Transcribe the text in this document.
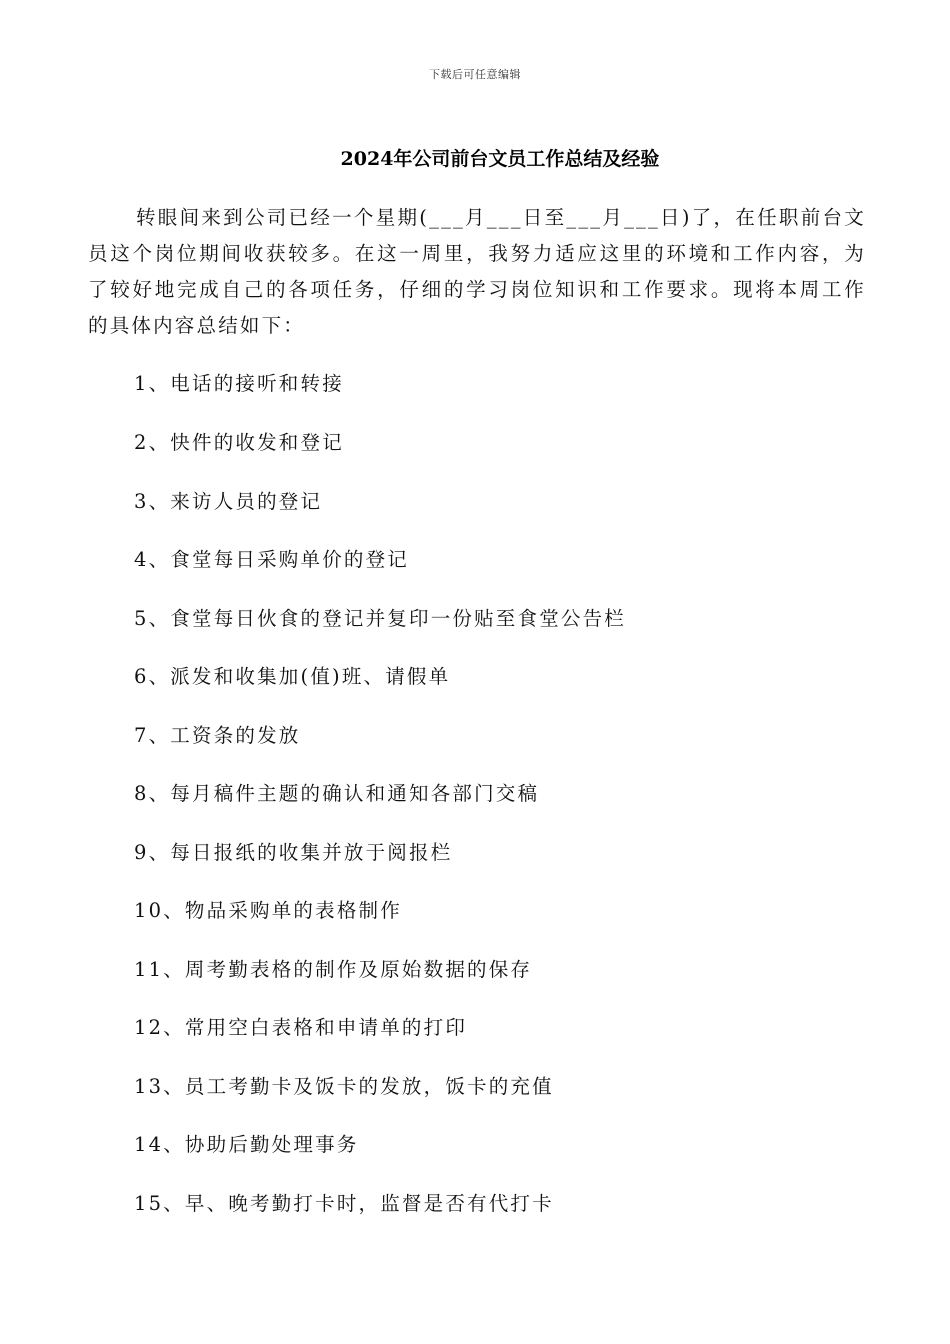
下载后可任意编辑
2024年公司前台文员工作总结及经验

转眼间来到公司已经一个星期(___月___日至___月___日)了，在任职前台文员这个岗位期间收获较多。在这一周里，我努力适应这里的环境和工作内容，为了较好地完成自己的各项任务，仔细的学习岗位知识和工作要求。现将本周工作的具体内容总结如下：

1、电话的接听和转接

2、快件的收发和登记

3、来访人员的登记

4、食堂每日采购单价的登记

5、食堂每日伙食的登记并复印一份贴至食堂公告栏

6、派发和收集加(值)班、请假单

7、工资条的发放

8、每月稿件主题的确认和通知各部门交稿

9、每日报纸的收集并放于阅报栏

10、物品采购单的表格制作

11、周考勤表格的制作及原始数据的保存

12、常用空白表格和申请单的打印

13、员工考勤卡及饭卡的发放，饭卡的充值

14、协助后勤处理事务

15、早、晚考勤打卡时，监督是否有代打卡
